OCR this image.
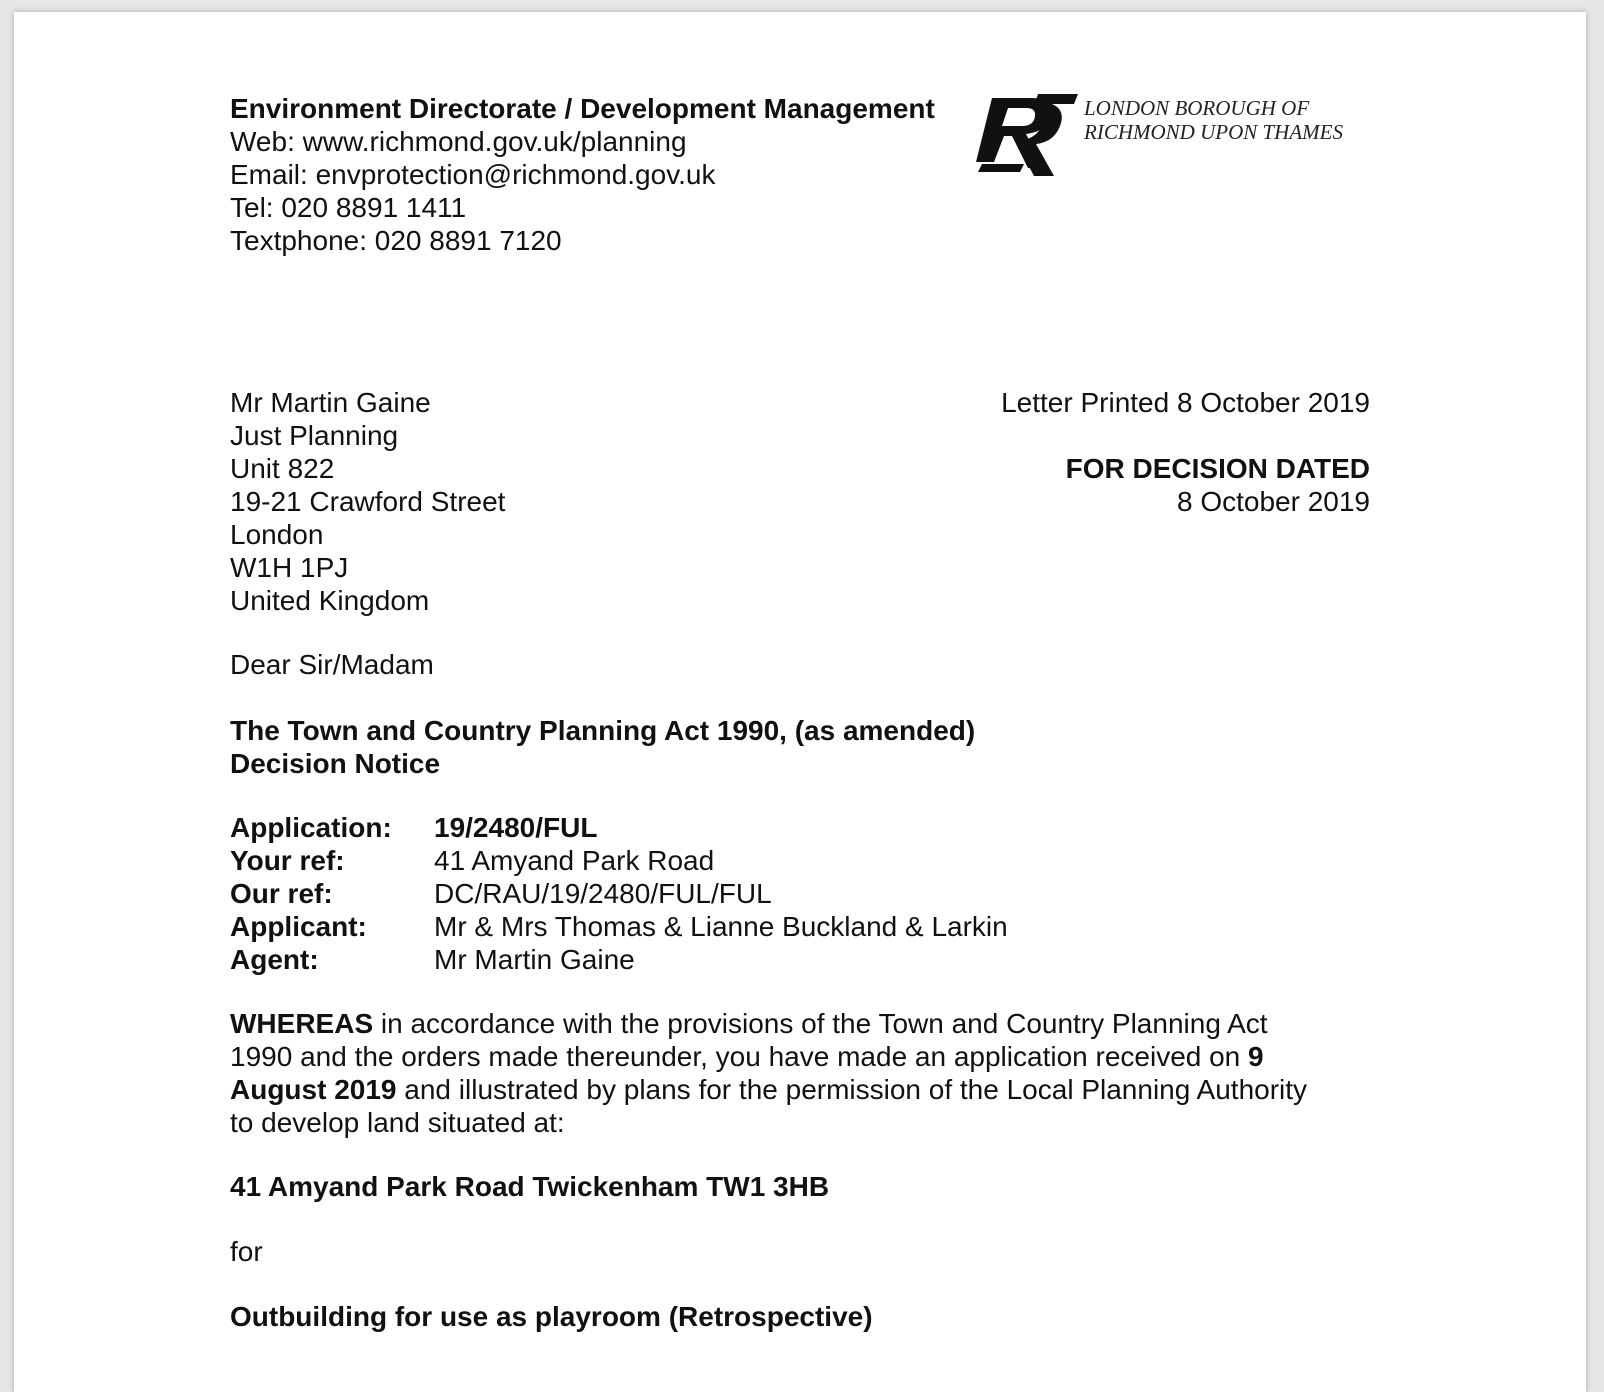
Environment Directorate / Development Management
Web: www.richmond.gov.uk/planning
Email: envprotection@richmond.gov.uk
Tel: 020 8891 1411
Textphone: 020 8891 7120
LONDON BOROUGH OF
RICHMOND UPON THAMES
Mr Martin Gaine
Just Planning
Unit 822
19-21 Crawford Street
London
W1H 1PJ
United Kingdom
Letter Printed 8 October 2019
FOR DECISION DATED
8 October 2019
Dear Sir/Madam
The Town and Country Planning Act 1990, (as amended)
Decision Notice
Application:	19/2480/FUL
Your ref:	41 Amyand Park Road
Our ref:	DC/RAU/19/2480/FUL/FUL
Applicant:	Mr & Mrs Thomas & Lianne Buckland & Larkin
Agent:	Mr Martin Gaine
WHEREAS in accordance with the provisions of the Town and Country Planning Act
1990 and the orders made thereunder, you have made an application received on 9
August 2019 and illustrated by plans for the permission of the Local Planning Authority
to develop land situated at:
41 Amyand Park Road Twickenham TW1 3HB
for
Outbuilding for use as playroom (Retrospective)
